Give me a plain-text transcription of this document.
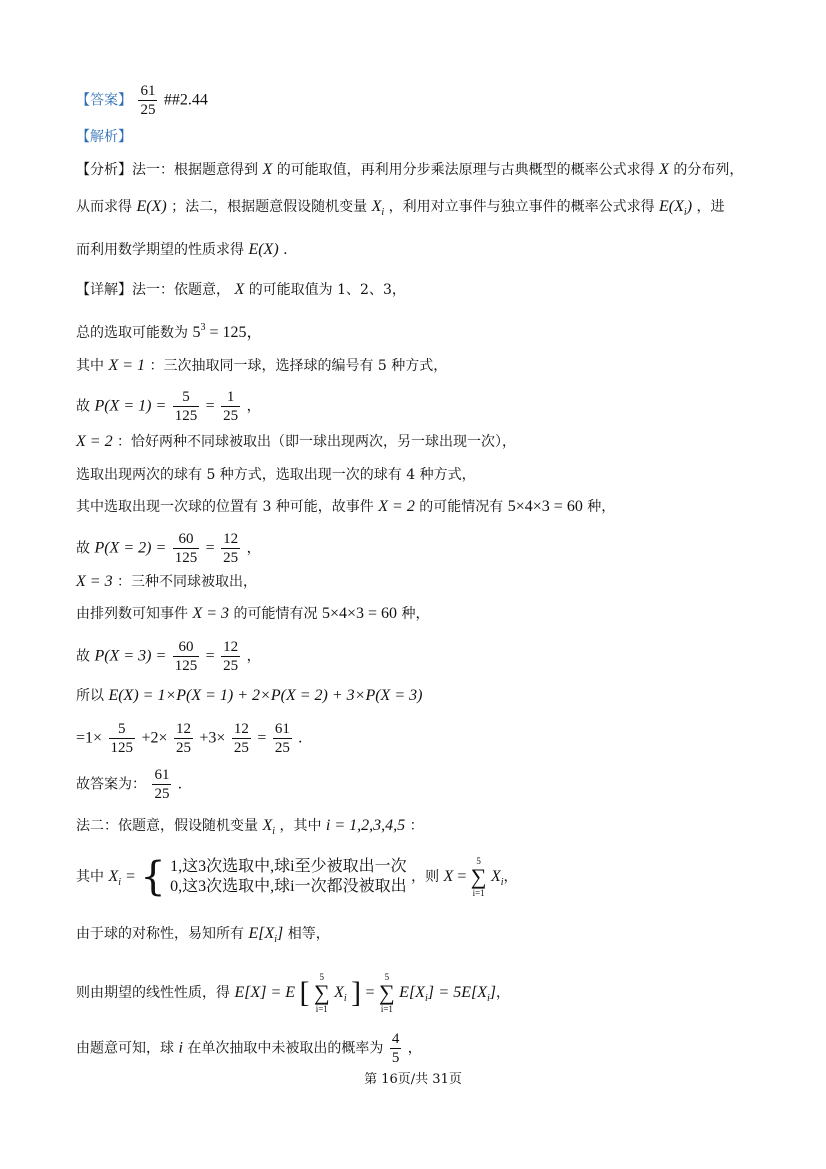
【答案】 $\frac{61}{25}$ ##2.44
【解析】
【分析】法一：根据题意得到 X 的可能取值，再利用分步乘法原理与古典概型的概率公式求得 X 的分布列，
从而求得 E(X) ；法二，根据题意假设随机变量 $X_i$ ，利用对立事件与独立事件的概率公式求得 $E(X_i)$ ，进
而利用数学期望的性质求得 E(X) .
【详解】法一：依题意， X 的可能取值为 1、2、3，
总的选取可能数为 $5^3 = 125$，
其中 X = 1 ：三次抽取同一球，选择球的编号有 5 种方式，
故 $P(X = 1) = \frac{5}{125} = \frac{1}{25}$ ，
X = 2 ：恰好两种不同球被取出（即一球出现两次，另一球出现一次），
选取出现两次的球有 5 种方式，选取出现一次的球有 4 种方式，
其中选取出现一次球的位置有 3 种可能，故事件 X = 2 的可能情况有 5×4×3 = 60 种，
故 $P(X = 2) = \frac{60}{125} = \frac{12}{25}$ ，
X = 3 ：三种不同球被取出，
由排列数可知事件 X = 3 的可能情有况 5×4×3 = 60 种，
故 $P(X = 3) = \frac{60}{125} = \frac{12}{25}$ ，
所以 E(X) = 1×P(X = 1) + 2×P(X = 2) + 3×P(X = 3)
$=1\times \frac{5}{125} +2\times \frac{12}{25} +3\times \frac{12}{25} = \frac{61}{25}$ .
故答案为： $\frac{61}{25}$ .
法二：依题意，假设随机变量 $X_i$ ，其中 i = 1,2,3,4,5 ：
其中 $X_i$ = { 1,这3次选取中,球i至少被取出一次
0,这3次选取中,球i一次都没被取出
，则 X =
5
∑
i=1
$X_i$，
由于球的对称性，易知所有 $E[X_i]$ 相等，
则由期望的线性性质，得 E[X] = E [ 5
∑
i=1
$X_i$ ] =
5
∑
i=1
$E[X_i] = 5E[X_i]$，
由题意可知，球 i 在单次抽取中未被取出的概率为 $\frac{4}{5}$ ，
第 16页/共 31页
